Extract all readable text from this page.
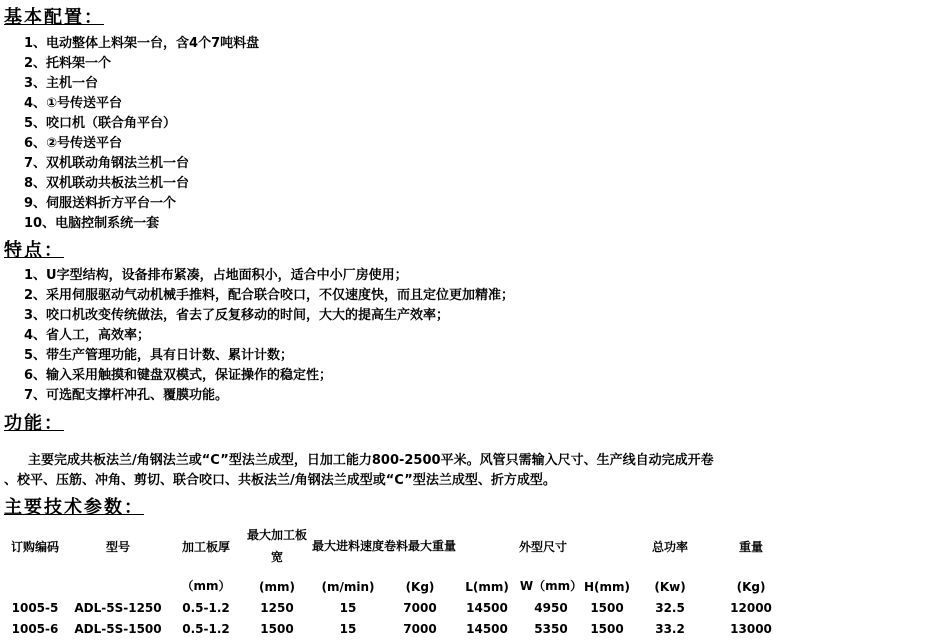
基本配置：
1、电动整体上料架一台，含4个7吨料盘
2、托料架一个
3、主机一台
4、①号传送平台
5、咬口机（联合角平台）
6、②号传送平台
7、双机联动角钢法兰机一台
8、双机联动共板法兰机一台
9、伺服送料折方平台一个
10、电脑控制系统一套
特点：
1、U字型结构，设备排布紧凑，占地面积小，适合中小厂房使用；
2、采用伺服驱动气动机械手推料，配合联合咬口，不仅速度快，而且定位更加精准；
3、咬口机改变传统做法，省去了反复移动的时间，大大的提高生产效率；
4、省人工，高效率；
5、带生产管理功能，具有日计数、累计计数；
6、输入采用触摸和键盘双模式，保证操作的稳定性；
7、可选配支撑杆冲孔、覆膜功能。
功能：
主要完成共板法兰/角钢法兰或“C”型法兰成型，日加工能力800-2500平米。风管只需输入尺寸、生产线自动完成开卷
、校平、压筋、冲角、剪切、联合咬口、共板法兰/角钢法兰成型或“C”型法兰成型、折方成型。
主要技术参数：
订购编码	型号	加工板厚	最大加工板宽	最大进料速度	卷料最大重量	外型尺寸			总功率	重量
		（mm）	(mm)	(m/min)	(Kg)	L(mm)	W（mm）	H(mm)	(Kw)	(Kg)
1005-5	ADL-5S-1250	0.5-1.2	1250	15	7000	14500	4950	1500	32.5	12000
1005-6	ADL-5S-1500	0.5-1.2	1500	15	7000	14500	5350	1500	33.2	13000
